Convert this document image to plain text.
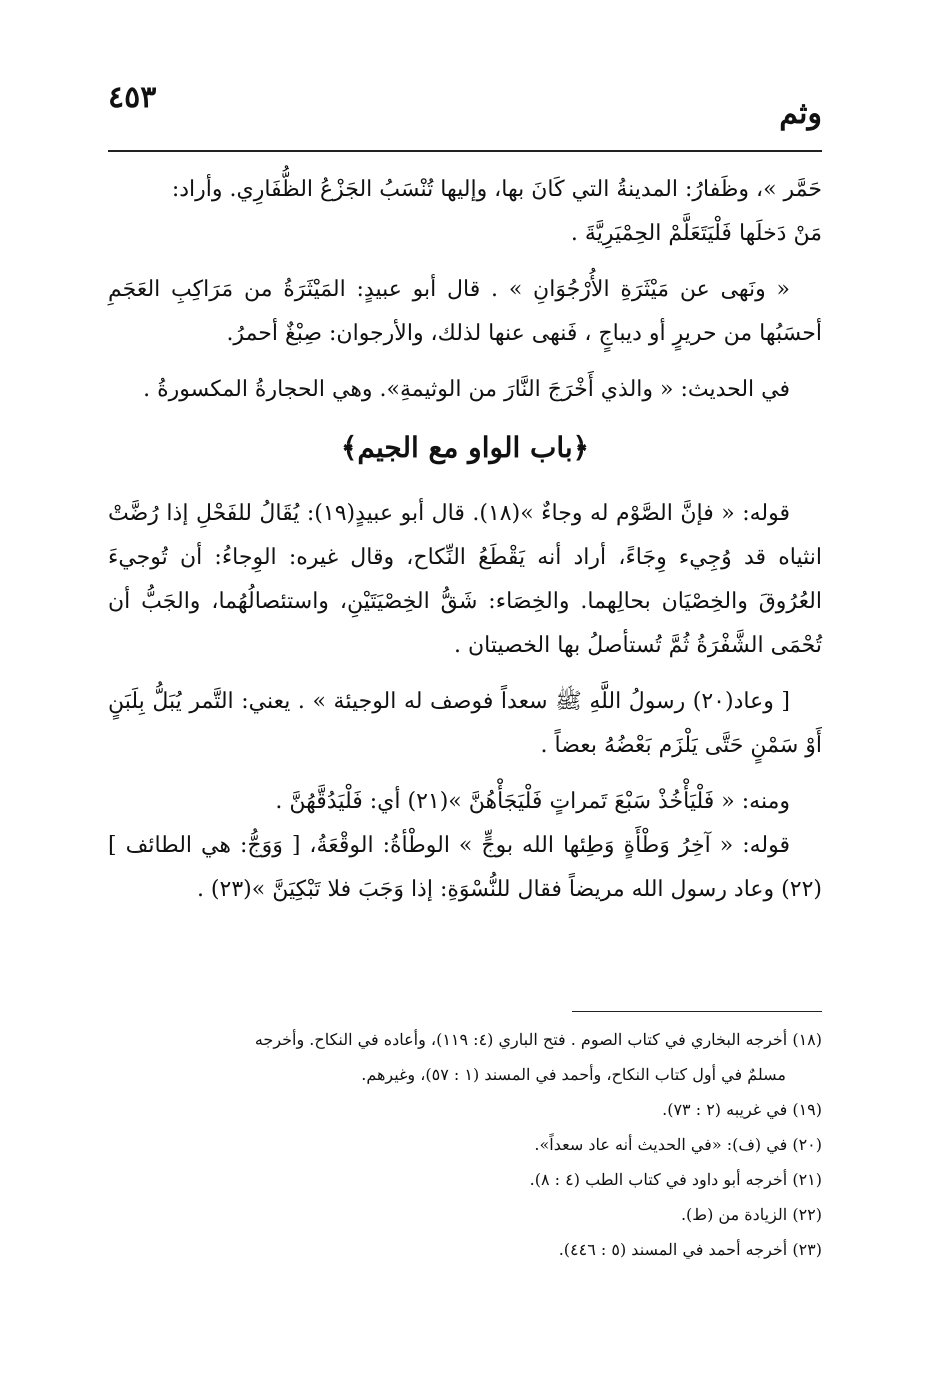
وثم
٤٥٣

حَمَّر »، وظَفارُ: المدينةُ التي كَانَ بها، وإليها تُنْسَبُ الجَزْعُ الظُّفَارِي. وأراد:
مَنْ دَخلَها فَلْيَتَعَلَّمْ الحِمْيَرِيَّةَ .

« ونَهى عن مَيْثَرَةِ الأُرْجُوَانِ » . قال أبو عبيدٍ: المَيْثَرَةُ من مَرَاكِبِ العَجَمِ أحسَبُها من حريرٍ أو ديباجٍ ، فَنهى عنها لذلك، والأرجوان: صِبْغٌ أحمرُ.

في الحديث: « والذي أَخْرَجَ النَّارَ من الوثيمةِ». وهي الحجارةُ المكسورةُ .

﴿باب الواو مع الجيم﴾

قوله: « فإنَّ الصَّوْم له وجاءٌ »(١٨). قال أبو عبيدٍ(١٩): يُقَالُ للفَحْلِ إذا رُضَّتْ انثياه قد وُجِيء وِجَاءً، أراد أنه يَقْطَعُ النِّكاح، وقال غيره: الوِجاءُ: أن تُوجيءَ العُرُوقَ والخِصْيَان بحالِهما. والخِصَاء: شَقُّ الخِصْيَتَيْنِ، واستئصالُهُما، والجَبُّ أن تُحْمَى الشَّفْرَةُ ثُمَّ تُستأصلُ بها الخصيتان .

[ وعاد(٢٠) رسولُ اللَّهِ ﷺ سعداً فوصف له الوجيئة » . يعني: التَّمر يُبَلُّ بِلَبَنٍ أَوْ سَمْنٍ حَتَّى يَلْزَم بَعْضُهُ بعضاً .

ومنه: « فَلْيَأْخُذْ سَبْعَ تَمراتٍ فَلْيَجَأْهُنَّ »(٢١) أي: فَلْيَدُقَّهُنَّ .

قوله: « آخِرُ وَطْأَةٍ وَطِئها الله بوجٍّ » الوطْأةُ: الوقْعَةُ، [ وَوَجُّ: هي الطائف ](٢٢) وعاد رسول الله مريضاً فقال للنُّسْوَةِ: إذا وَجَبَ فلا تَبْكِيَنَّ »(٢٣) .

(١٨) أخرجه البخاري في كتاب الصوم . فتح الباري (٤: ١١٩)، وأعاده في النكاح. وأخرجه

مسلمٌ في أول كتاب النكاح، وأحمد في المسند (١ : ٥٧)، وغيرهم.

(١٩) في غريبه (٢ : ٧٣).

(٢٠) في (ف): «في الحديث أنه عاد سعداً».

(٢١) أخرجه أبو داود في كتاب الطب (٤ : ٨).

(٢٢) الزيادة من (ط).

(٢٣) أخرجه أحمد في المسند (٥ : ٤٤٦).
